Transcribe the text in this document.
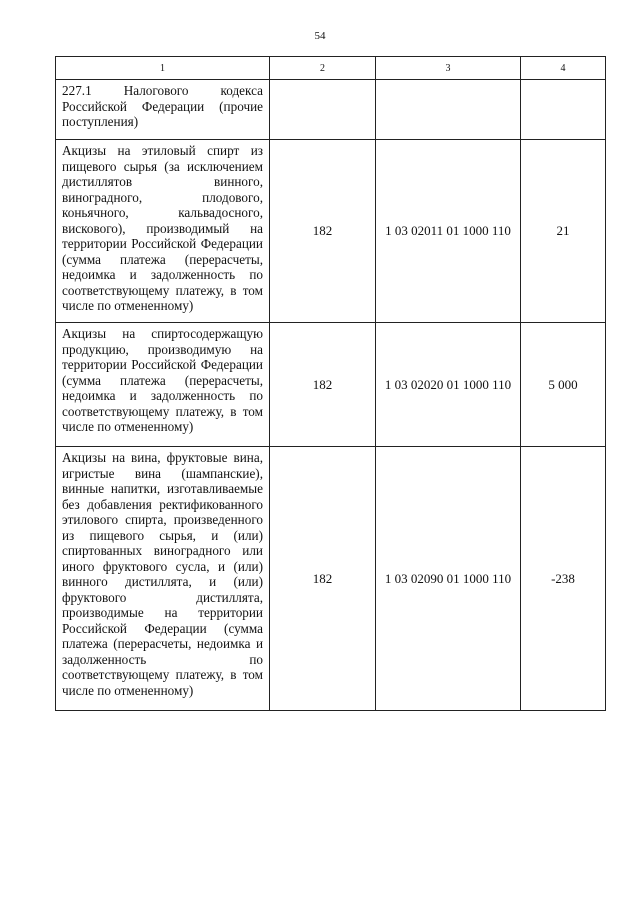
54
1	2	3	4
227.1 Налогового кодекса Российской Федерации (прочие поступления)			
Акцизы на этиловый спирт из пищевого сырья (за исключением дистиллятов винного, виноградного, плодового, коньячного, кальвадосного, вискового), производимый на территории Российской Федерации (сумма платежа (перерасчеты, недоимка и задолженность по соответствующему платежу, в том числе по отмененному)	182	1 03 02011 01 1000 110	21
Акцизы на спиртосодержащую продукцию, производимую на территории Российской Федерации (сумма платежа (перерасчеты, недоимка и задолженность по соответствующему платежу, в том числе по отмененному)	182	1 03 02020 01 1000 110	5 000
Акцизы на вина, фруктовые вина, игристые вина (шампанские), винные напитки, изготавливаемые без добавления ректификованного этилового спирта, произведенного из пищевого сырья, и (или) спиртованных виноградного или иного фруктового сусла, и (или) винного дистиллята, и (или) фруктового дистиллята, производимые на территории Российской Федерации (сумма платежа (перерасчеты, недоимка и задолженность по соответствующему платежу, в том числе по отмененному)	182	1 03 02090 01 1000 110	-238
